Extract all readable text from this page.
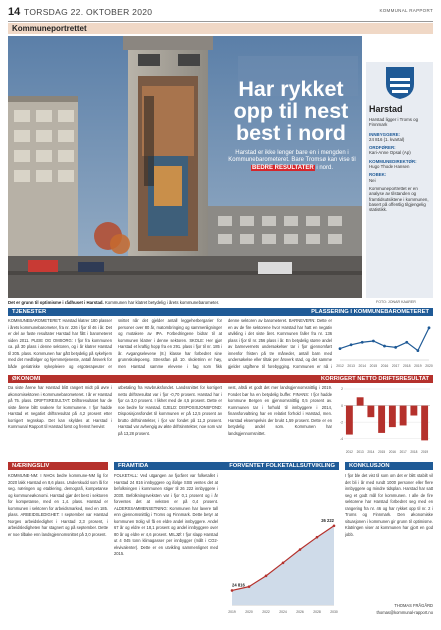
14 TORSDAG 22. OKTOBER 2020	KOMMUNAL RAPPORT
Kommuneportrettet
Har rykket opp til nest best i nord
Harstad er ikke lenger bare en i mengden i Kommunebarometeret. Bare Tromsø kan vise til BEDRE RESULTATER i nord.
Harstad
Harstad ligger i Troms og Finnmark
INNBYGGERE:
24 816 (1. kvartal)
ORDFØRER:
Kari-Anne Opsal (Ap)
KOMMUNEDIREKTØR:
Hugo Thode Hansen
ROBEK:
Nei
Kommuneportrettet er en analyse av tilstanden og framtidsutsiktene i kommunen, basert på offentlig tilgjengelig statistikk.
Det er grunn til optimisme i rådhuset i Harstad. Kommunen har klatret betydelig i årets kommunebarometer.	FOTO: JONAR KAARER
TJENESTER	PLASSERING I KOMMUNEBAROMETERET
KOMMUNEBAROMETERET: Harstad klatrer 180 plasser i årets kommunebarometer, fra nr. 226 i fjor til 46 i år. Det er del av faste resultater Harstad har fått i barometeret siden 2011. PLEIE OG OMSORG: I fjor fra kommunen ca. på 30 plass i denne sektoren, og i år klatrer Harstad til 205. plass. Kommunen har gått betydelig på sykehjem med det medfølger og hjemmetjeneste, antall årsverk for både geriatriske sykepleiere og ergoterapeuter er
snittet når det gjelder antall leggeherbergarier for personer over 80 år, matombringing og sammenligninger og motakere av IPA. Forbedringene bidrar til at kommunen klatrer i denne sektoren. SKOLE: Her gjør Harstad et kraftig hopp fra en 291. plass i fjor til nr. 185 i år. Avgangselevene (8.) klasse har forbedret sine grunnskolepoeng. Stressfan på 10. skoletrinn er høy, men Harstad samme elevene i fag som fikk
denne sektoren av barometeret. BARNEVERN: Dette er en av de fire sektorene hvor Harstad har hatt en negativ utvikling i det siste året. Kommunen faller fra nr. 136 plass i fjor til nr. 256 plass i år. En betydelig større andel av barnevernets undersøkelser tar i fjor gjennomført innenfor fristen på tre måneder, antall barn med undersøkelse eller tiltak per årsverk stad, og det samme gjelder utgiftene til forebygging. Kommunen er nå i 2012 2013 2014 2015 2016 2017 2018 2019 2020
ØKONOMI	KORRIGERT NETTO DRIFTSRESULTAT
Da siste årene har Harstad blitt rangert midt på øvre i økonomisektoren i Kommunebarometeret. I år er Harstad på 75. plass. DRIFTSRESULTAT: Driftsresultatet har de siste årene blitt svakere for kommunene. I fjor hadde Harstad et negativt driftsresultat på 4,2 prosent etter korrigert regnskap. Det kan skyldes at Harstad i Kommunal Rapport til Harstad først og fremst henvist
utbetaling fra Havbruksfondet. Landssnittet for korrigert netto driftsresultat var i fjor -0,70 prosent. Harstad har i fjor ca 3,0 prosent. I likhet med de 4,5 prosent. Dette er noe bedre for Harstad. GJELD: DISPOSISJONSFOND: Disposisjonsfondet til kommunen er på 12,5 prosent av brutto driftsinntekter, i fjor var fondet på 11,3 prosent. Harstad var avhengig av økte driftsinntekter, noe som var på 13,28 prosent.
vest, altså et godt det mer landsgjennomsnittlig i 2019. Fondet bør ha en betydelig buffer. FINANS: I fjor hadde kommune Bergen en gjennomsnittlig 0,5 prosent av. Kommunen tar i forhold til innbyggere i 2014, finansforvaltning har en relativt forhold i Harstad, men. Harstad eksempelvis der brukt 1,59 prosent. Dette er en betydelig andel som. Kommunen har landsgjennomsnittet.
-4
-2
0
2
2012 2013 2014 2015 2016 2017 2018 2019
NÆRINGSLIV
KOMMUNE-NM: I NHOs bedre kommune-NM lig for 2020 lakk Harstad en 8,6 plass. Underskudd som lå for seg. næringen og etablering, demografi, kompetanse og kommuneøkonomi. Harstad gjør det best i sektoren for kompetanse, med en 1,4. plass. Harstad er kommunen i sektoren for arbeidsmarked, med en 185. plass. ARBEIDSLEDIGHET: I september var Harstad Norges arbeidsledighet i Harstad 2,3 prosent, i arbeidsledigheten har stagnert og på september. Dette er noe tilbake enn landsgjennomsnittet på 3,0 prosent.
FRAMTIDA	FORVENTET FOLKETALLSUTVIKLING
FOLKETALL: Ved utgangen av fjoråret var folketallet i Harstad 24 816 innbyggere og ifølge SSB ventes det at befolkningen i kommunen stiger til 26 222 innbyggere i 2030. Befolkningsveksten var i fjor 0,1 prosent og i år forventes det at veksten er på 0,4 prosent. ALDERSSAMMENSETNING: Kommunen har lavere tall enn gjennomsnittlig i Troms og Finnmark. Dette betyr at kommunen trolig vil få en eldre andel innbyggere. Andel 67 år og eldre er 18,1 prosent og andel innbyggere over 80 år og eldre er 4,6 prosent. MILJØ: I fjor slapp Harstad ut 4 045 tonn klimagasser per innbygger (målt i CO2-ekvivalenter). Dette er en utvikling sammenlignet med 2015.
24 816
26 222
2019	2020	2022	2024	2026	2028	2030
KONKLUSJON
I fjor ble det vist til som om det er blitt stabilt vil det bli i år med rundt 1000 personer eller flere innbyggere og mindre tidsplan. Harstad har satt seg et godt mål for kommunen. I alle de fire sektorene har Harstad forbedret seg med en rangering fra nr. 46 og har rykket opp til nr. 2 i Troms og Finnmark. Den økonomiske situasjonen i kommunen gir grunn til optimisme. Klatringen viser at kommunen har gjort en god jobb.
THOMAS FRÅGÅRD
thomas@kommunal-rapport.no
